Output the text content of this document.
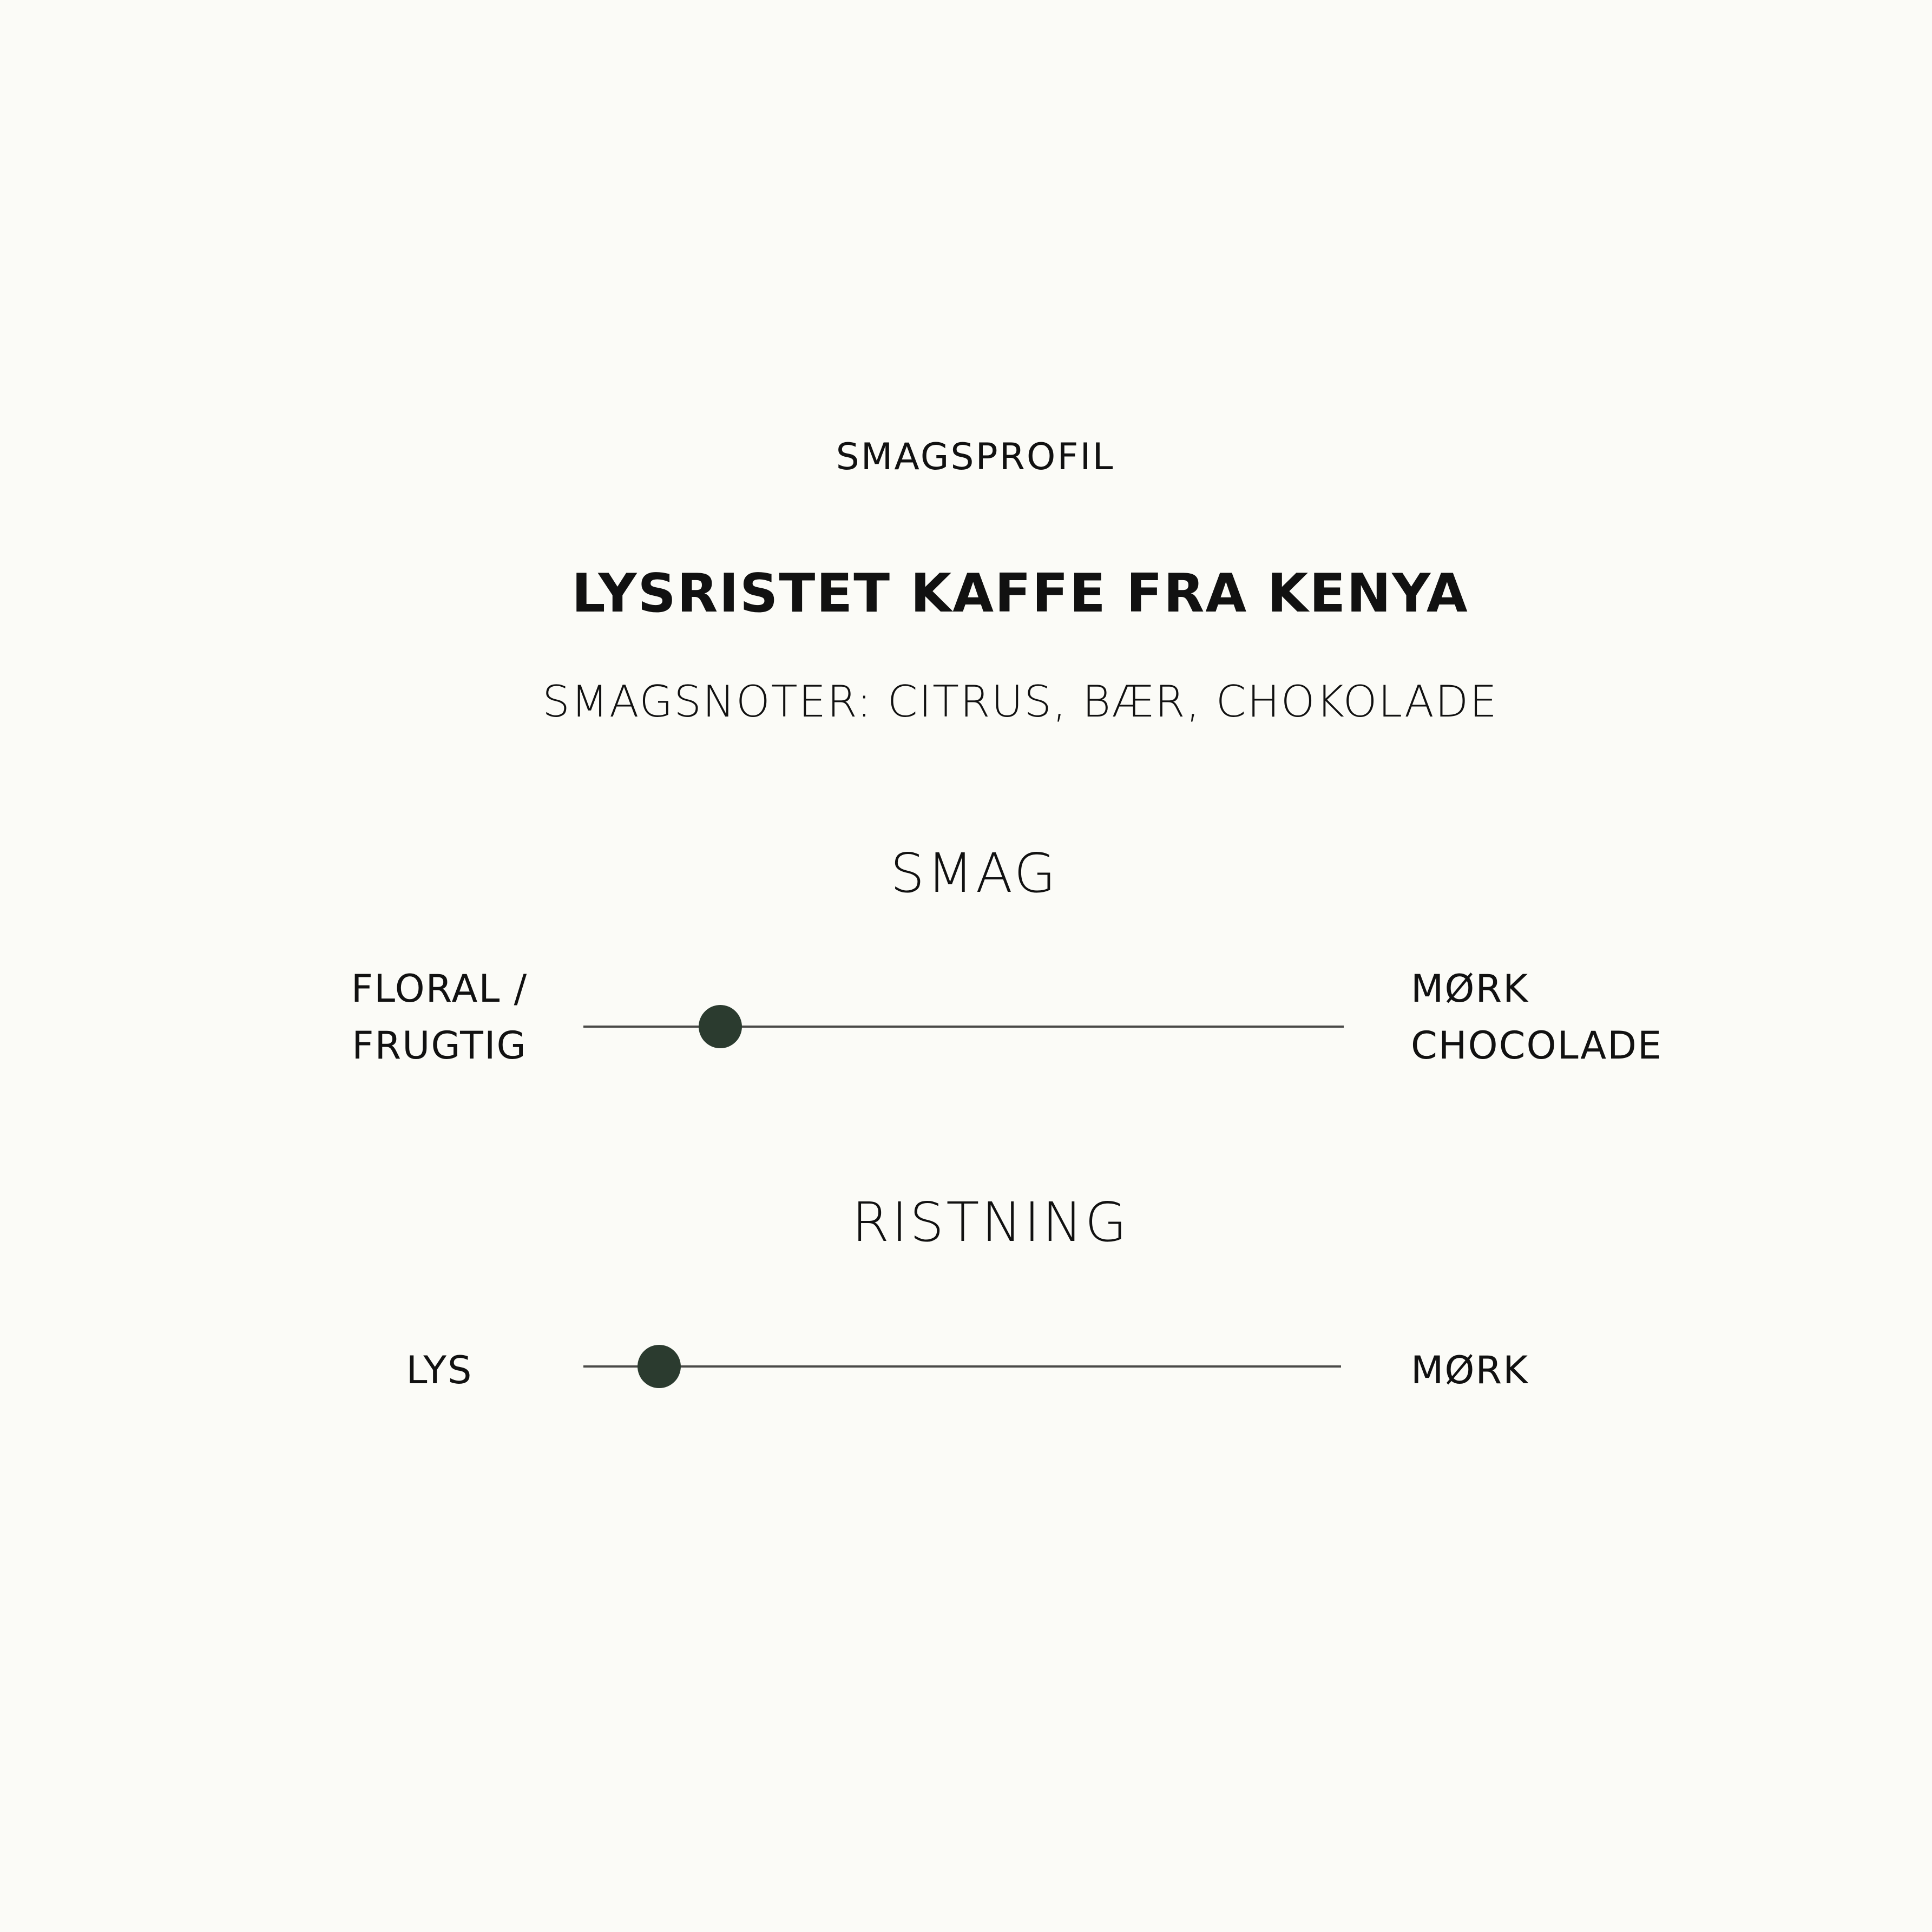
SMAGSPROFIL
LYSRISTET KAFFE FRA KENYA
SMAGSNOTER: CITRUS, BÆR, CHOKOLADE
SMAG
FLORAL /
FRUGTIG
MØRK
CHOCOLADE
RISTNING
LYS	MØRK
